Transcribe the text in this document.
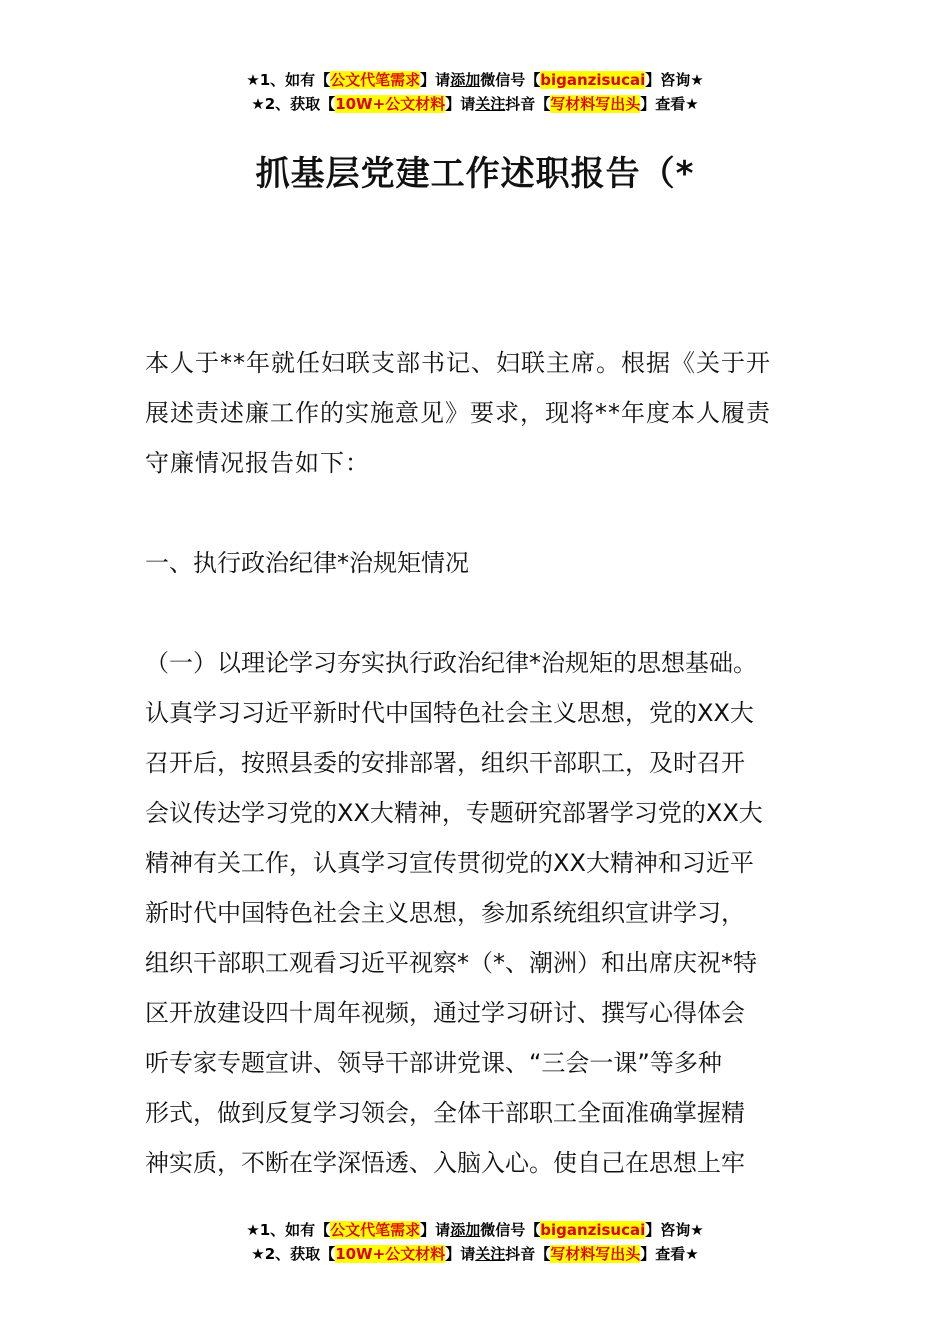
★1、如有【公文代笔需求】请添加微信号【biganzisucai】咨询★
★2、获取【10W+公文材料】请关注抖音【写材料写出头】查看★
抓基层党建工作述职报告（*

本人于**年就任妇联支部书记、妇联主席。根据《关于开

展述责述廉工作的实施意见》要求，现将**年度本人履责

守廉情况报告如下：

一、执行政治纪律*治规矩情况

（一）以理论学习夯实执行政治纪律*治规矩的思想基础。

认真学习习近平新时代中国特色社会主义思想，党的XX大

召开后，按照县委的安排部署，组织干部职工，及时召开

会议传达学习党的XX大精神，专题研究部署学习党的XX大

精神有关工作，认真学习宣传贯彻党的XX大精神和习近平

新时代中国特色社会主义思想，参加系统组织宣讲学习，

组织干部职工观看习近平视察*（*、潮洲）和出席庆祝*特

区开放建设四十周年视频，通过学习研讨、撰写心得体会

听专家专题宣讲、领导干部讲党课、“三会一课”等多种

形式，做到反复学习领会，全体干部职工全面准确掌握精

神实质，不断在学深悟透、入脑入心。使自己在思想上牢

★1、如有【公文代笔需求】请添加微信号【biganzisucai】咨询★
★2、获取【10W+公文材料】请关注抖音【写材料写出头】查看★
